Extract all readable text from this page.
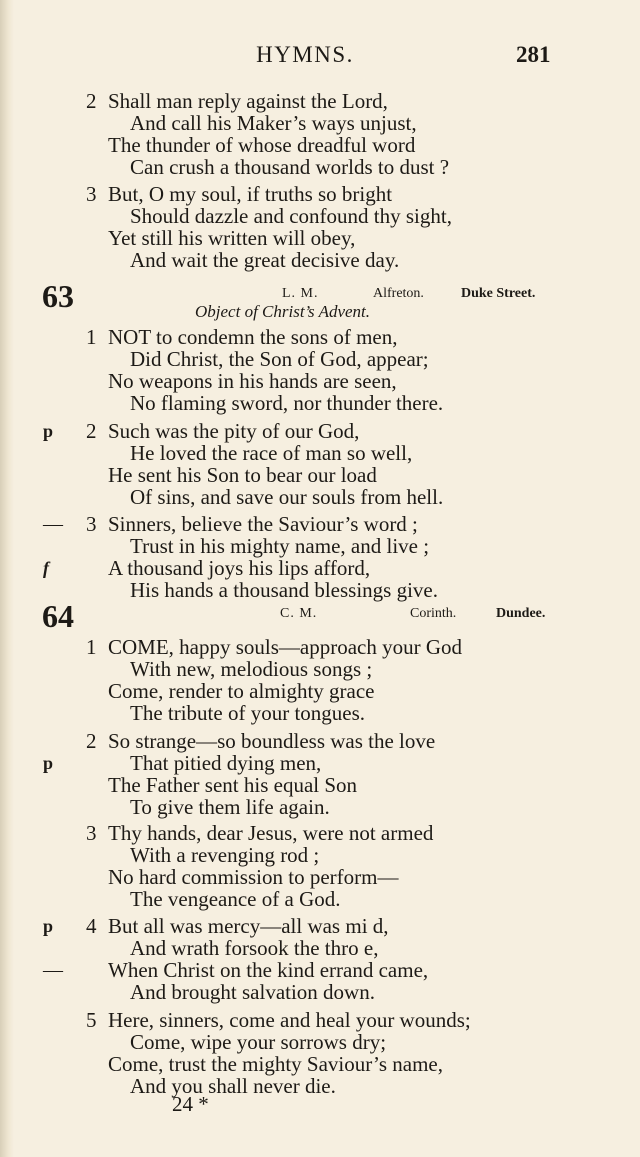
HYMNS.	281
2 Shall man reply against the Lord,
And call his Maker’s ways unjust,
The thunder of whose dreadful word
Can crush a thousand worlds to dust ?
3 But, O my soul, if truths so bright
Should dazzle and confound thy sight,
Yet still his written will obey,
And wait the great decisive day.
63	L. M.	Alfreton.	Duke Street.
Object of Christ’s Advent.
1 NOT to condemn the sons of men,
Did Christ, the Son of God, appear;
No weapons in his hands are seen,
No flaming sword, nor thunder there.
p 2 Such was the pity of our God,
He loved the race of man so well,
He sent his Son to bear our load
Of sins, and save our souls from hell.
— 3 Sinners, believe the Saviour’s word ;
Trust in his mighty name, and live ;
f	A thousand joys his lips afford,
His hands a thousand blessings give.
64	C. M.	Corinth.	Dundee.
1 COME, happy souls—approach your God
With new, melodious songs ;
Come, render to almighty grace
The tribute of your tongues.
2 So strange—so boundless was the love
p	That pitied dying men,
The Father sent his equal Son
To give them life again.
3 Thy hands, dear Jesus, were not armed
With a revenging rod ;
No hard commission to perform—
The vengeance of a God.
p 4 But all was mercy—all was mi d,
And wrath forsook the thro e,
— When Christ on the kind errand came,
And brought salvation down.
5 Here, sinners, come and heal your wounds;
Come, wipe your sorrows dry;
Come, trust the mighty Saviour’s name,
And you shall never die.
24 *
